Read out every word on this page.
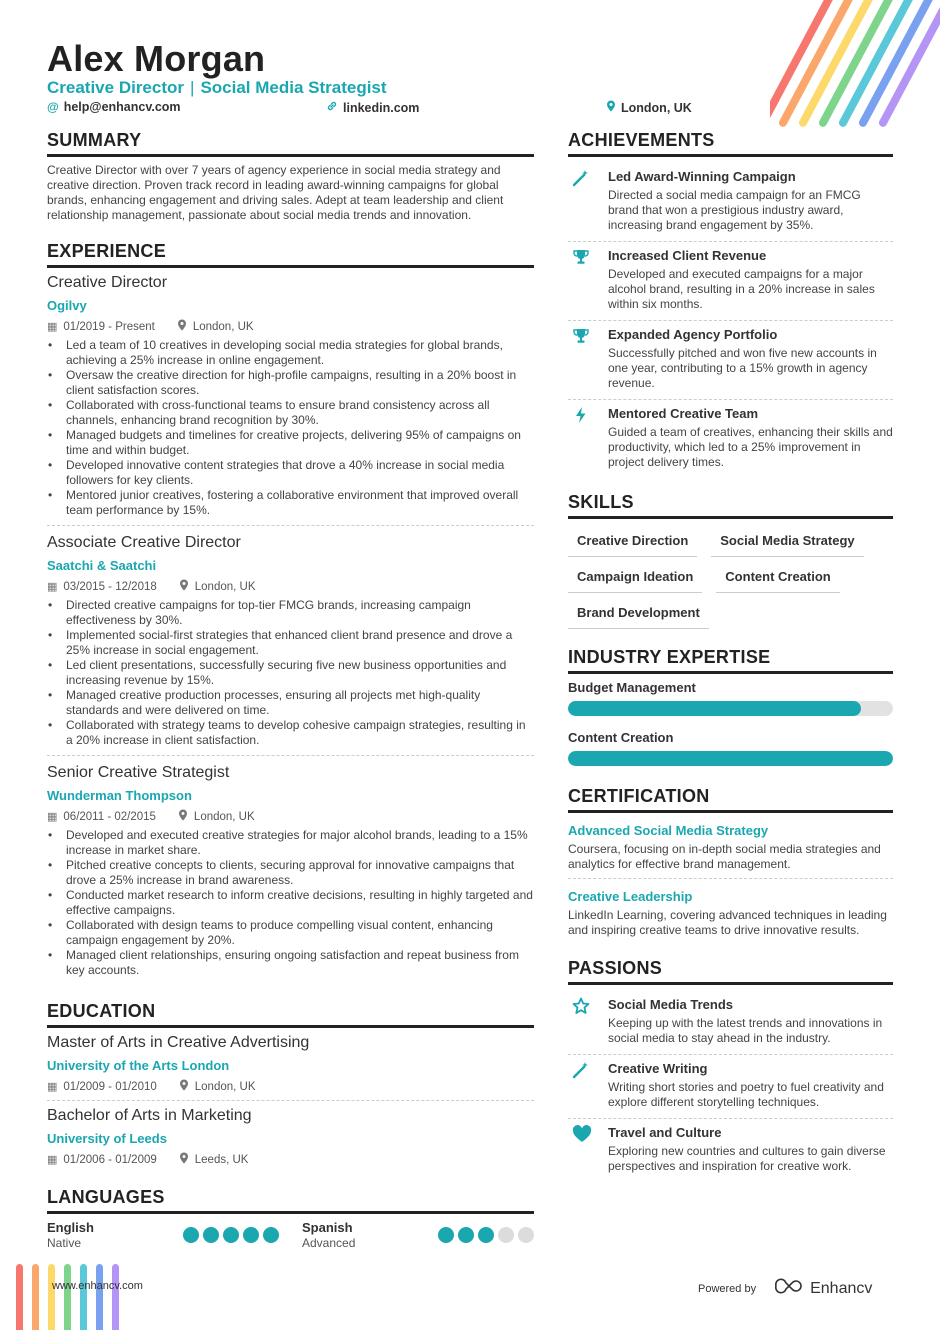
Alex Morgan
Creative Director | Social Media Strategist
@ help@enhancv.com	linkedin.com	London, UK
SUMMARY
Creative Director with over 7 years of agency experience in social media strategy and creative direction. Proven track record in leading award-winning campaigns for global brands, enhancing engagement and driving sales. Adept at team leadership and client relationship management, passionate about social media trends and innovation.
EXPERIENCE
Creative Director
Ogilvy
▦ 01/2019 - Present	London, UK
• Led a team of 10 creatives in developing social media strategies for global brands, achieving a 25% increase in online engagement.
• Oversaw the creative direction for high-profile campaigns, resulting in a 20% boost in client satisfaction scores.
• Collaborated with cross-functional teams to ensure brand consistency across all channels, enhancing brand recognition by 30%.
• Managed budgets and timelines for creative projects, delivering 95% of campaigns on time and within budget.
• Developed innovative content strategies that drove a 40% increase in social media followers for key clients.
• Mentored junior creatives, fostering a collaborative environment that improved overall team performance by 15%.
Associate Creative Director
Saatchi & Saatchi
▦ 03/2015 - 12/2018	London, UK
• Directed creative campaigns for top-tier FMCG brands, increasing campaign effectiveness by 30%.
• Implemented social-first strategies that enhanced client brand presence and drove a 25% increase in social engagement.
• Led client presentations, successfully securing five new business opportunities and increasing revenue by 15%.
• Managed creative production processes, ensuring all projects met high-quality standards and were delivered on time.
• Collaborated with strategy teams to develop cohesive campaign strategies, resulting in a 20% increase in client satisfaction.
Senior Creative Strategist
Wunderman Thompson
▦ 06/2011 - 02/2015	London, UK
• Developed and executed creative strategies for major alcohol brands, leading to a 15% increase in market share.
• Pitched creative concepts to clients, securing approval for innovative campaigns that drove a 25% increase in brand awareness.
• Conducted market research to inform creative decisions, resulting in highly targeted and effective campaigns.
• Collaborated with design teams to produce compelling visual content, enhancing campaign engagement by 20%.
• Managed client relationships, ensuring ongoing satisfaction and repeat business from key accounts.
EDUCATION
Master of Arts in Creative Advertising
University of the Arts London
▦ 01/2009 - 01/2010	London, UK
Bachelor of Arts in Marketing
University of Leeds
▦ 01/2006 - 01/2009	Leeds, UK
LANGUAGES
English
Native
Spanish
Advanced
ACHIEVEMENTS
Led Award-Winning Campaign
Directed a social media campaign for an FMCG brand that won a prestigious industry award, increasing brand engagement by 35%.
Increased Client Revenue
Developed and executed campaigns for a major alcohol brand, resulting in a 20% increase in sales within six months.
Expanded Agency Portfolio
Successfully pitched and won five new accounts in one year, contributing to a 15% growth in agency revenue.
Mentored Creative Team
Guided a team of creatives, enhancing their skills and productivity, which led to a 25% improvement in project delivery times.
SKILLS
Creative Direction	Social Media Strategy
Campaign Ideation	Content Creation
Brand Development
INDUSTRY EXPERTISE
Budget Management
Content Creation
CERTIFICATION
Advanced Social Media Strategy
Coursera, focusing on in-depth social media strategies and analytics for effective brand management.
Creative Leadership
LinkedIn Learning, covering advanced techniques in leading and inspiring creative teams to drive innovative results.
PASSIONS
Social Media Trends
Keeping up with the latest trends and innovations in social media to stay ahead in the industry.
Creative Writing
Writing short stories and poetry to fuel creativity and explore different storytelling techniques.
Travel and Culture
Exploring new countries and cultures to gain diverse perspectives and inspiration for creative work.
www.enhancv.com	Powered by	Enhancv
